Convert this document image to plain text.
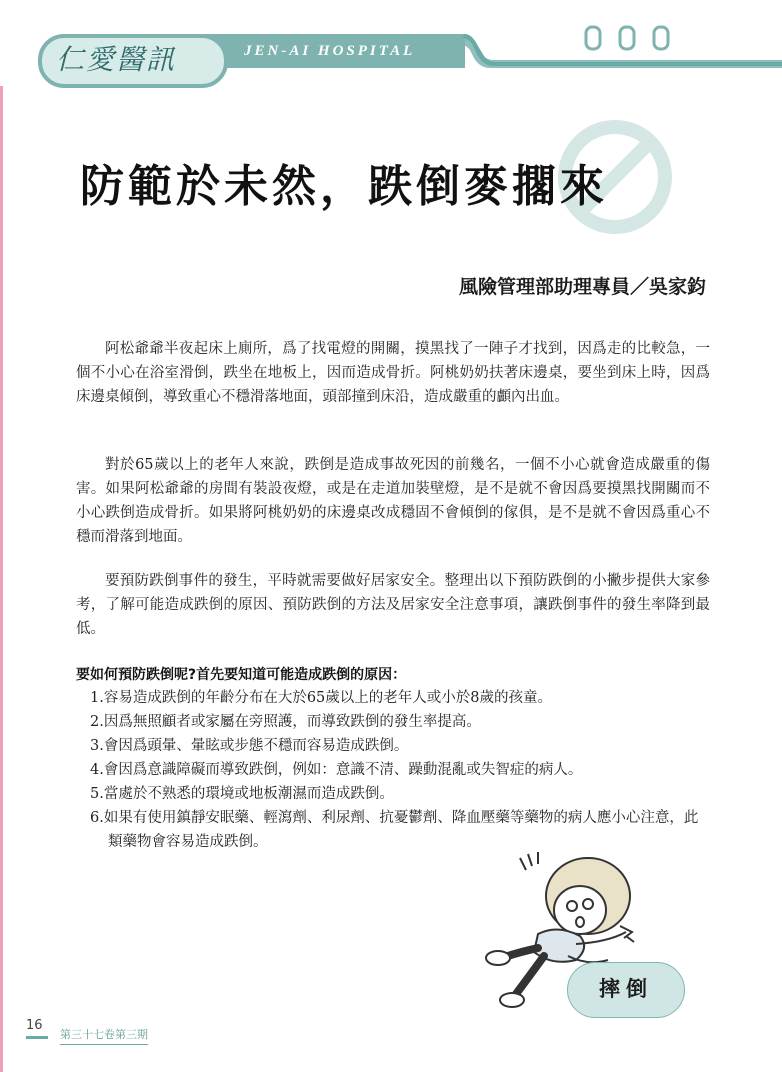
仁愛醫訊	JEN-AI HOSPITAL
防範於未然，跌倒麥擱來
風險管理部助理專員／吳家鈞

阿松爺爺半夜起床上廁所，爲了找電燈的開關，摸黑找了一陣子才找到，因爲走的比較急，一個不小心在浴室滑倒，跌坐在地板上，因而造成骨折。阿桃奶奶扶著床邊桌，要坐到床上時，因爲床邊桌傾倒，導致重心不穩滑落地面，頭部撞到床沿，造成嚴重的顱內出血。

對於65歲以上的老年人來說，跌倒是造成事故死因的前幾名，一個不小心就會造成嚴重的傷害。如果阿松爺爺的房間有裝設夜燈，或是在走道加裝壁燈，是不是就不會因爲要摸黑找開關而不小心跌倒造成骨折。如果將阿桃奶奶的床邊桌改成穩固不會傾倒的傢俱，是不是就不會因爲重心不穩而滑落到地面。

要預防跌倒事件的發生，平時就需要做好居家安全。整理出以下預防跌倒的小撇步提供大家參考，了解可能造成跌倒的原因、預防跌倒的方法及居家安全注意事項，讓跌倒事件的發生率降到最低。

要如何預防跌倒呢?首先要知道可能造成跌倒的原因：
1.容易造成跌倒的年齡分布在大於65歲以上的老年人或小於8歲的孩童。
2.因爲無照顧者或家屬在旁照護，而導致跌倒的發生率提高。
3.會因爲頭暈、暈眩或步態不穩而容易造成跌倒。
4.會因爲意識障礙而導致跌倒，例如：意識不清、躁動混亂或失智症的病人。
5.當處於不熟悉的環境或地板潮濕而造成跌倒。
6.如果有使用鎮靜安眠藥、輕瀉劑、利尿劑、抗憂鬱劑、降血壓藥等藥物的病人應小心注意，此類藥物會容易造成跌倒。
摔倒
16
第三十七卷第三期
